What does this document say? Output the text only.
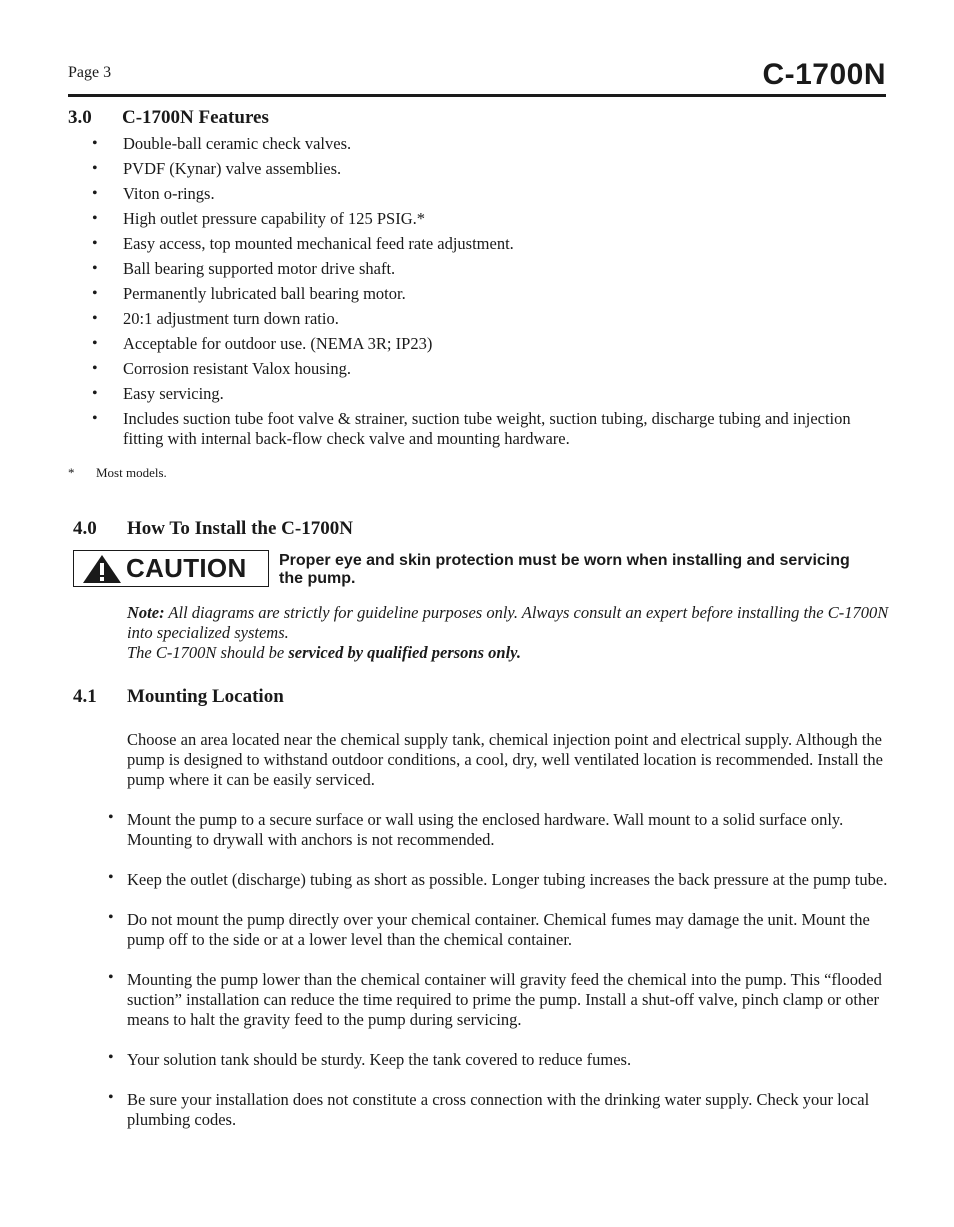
Page 3	C-1700N
3.0 C-1700N Features
• Double-ball ceramic check valves.
• PVDF (Kynar) valve assemblies.
• Viton o-rings.
• High outlet pressure capability of 125 PSIG.*
• Easy access, top mounted mechanical feed rate adjustment.
• Ball bearing supported motor drive shaft.
• Permanently lubricated ball bearing motor.
• 20:1 adjustment turn down ratio.
• Acceptable for outdoor use. (NEMA 3R; IP23)
• Corrosion resistant Valox housing.
• Easy servicing.
• Includes suction tube foot valve & strainer, suction tube weight, suction tubing, discharge tubing and injection fitting with internal back-flow check valve and mounting hardware.
* Most models.
4.0 How To Install the C-1700N
CAUTION Proper eye and skin protection must be worn when installing and servicing the pump.
Note: All diagrams are strictly for guideline purposes only. Always consult an expert before installing the C-1700N into specialized systems.
The C-1700N should be serviced by qualified persons only.
4.1 Mounting Location
Choose an area located near the chemical supply tank, chemical injection point and electrical supply. Although the pump is designed to withstand outdoor conditions, a cool, dry, well ventilated location is recommended. Install the pump where it can be easily serviced.
• Mount the pump to a secure surface or wall using the enclosed hardware. Wall mount to a solid surface only. Mounting to drywall with anchors is not recommended.
• Keep the outlet (discharge) tubing as short as possible. Longer tubing increases the back pressure at the pump tube.
• Do not mount the pump directly over your chemical container. Chemical fumes may damage the unit. Mount the pump off to the side or at a lower level than the chemical container.
• Mounting the pump lower than the chemical container will gravity feed the chemical into the pump. This “flooded suction” installation can reduce the time required to prime the pump. Install a shut-off valve, pinch clamp or other means to halt the gravity feed to the pump during servicing.
• Your solution tank should be sturdy. Keep the tank covered to reduce fumes.
• Be sure your installation does not constitute a cross connection with the drinking water supply. Check your local plumbing codes.
